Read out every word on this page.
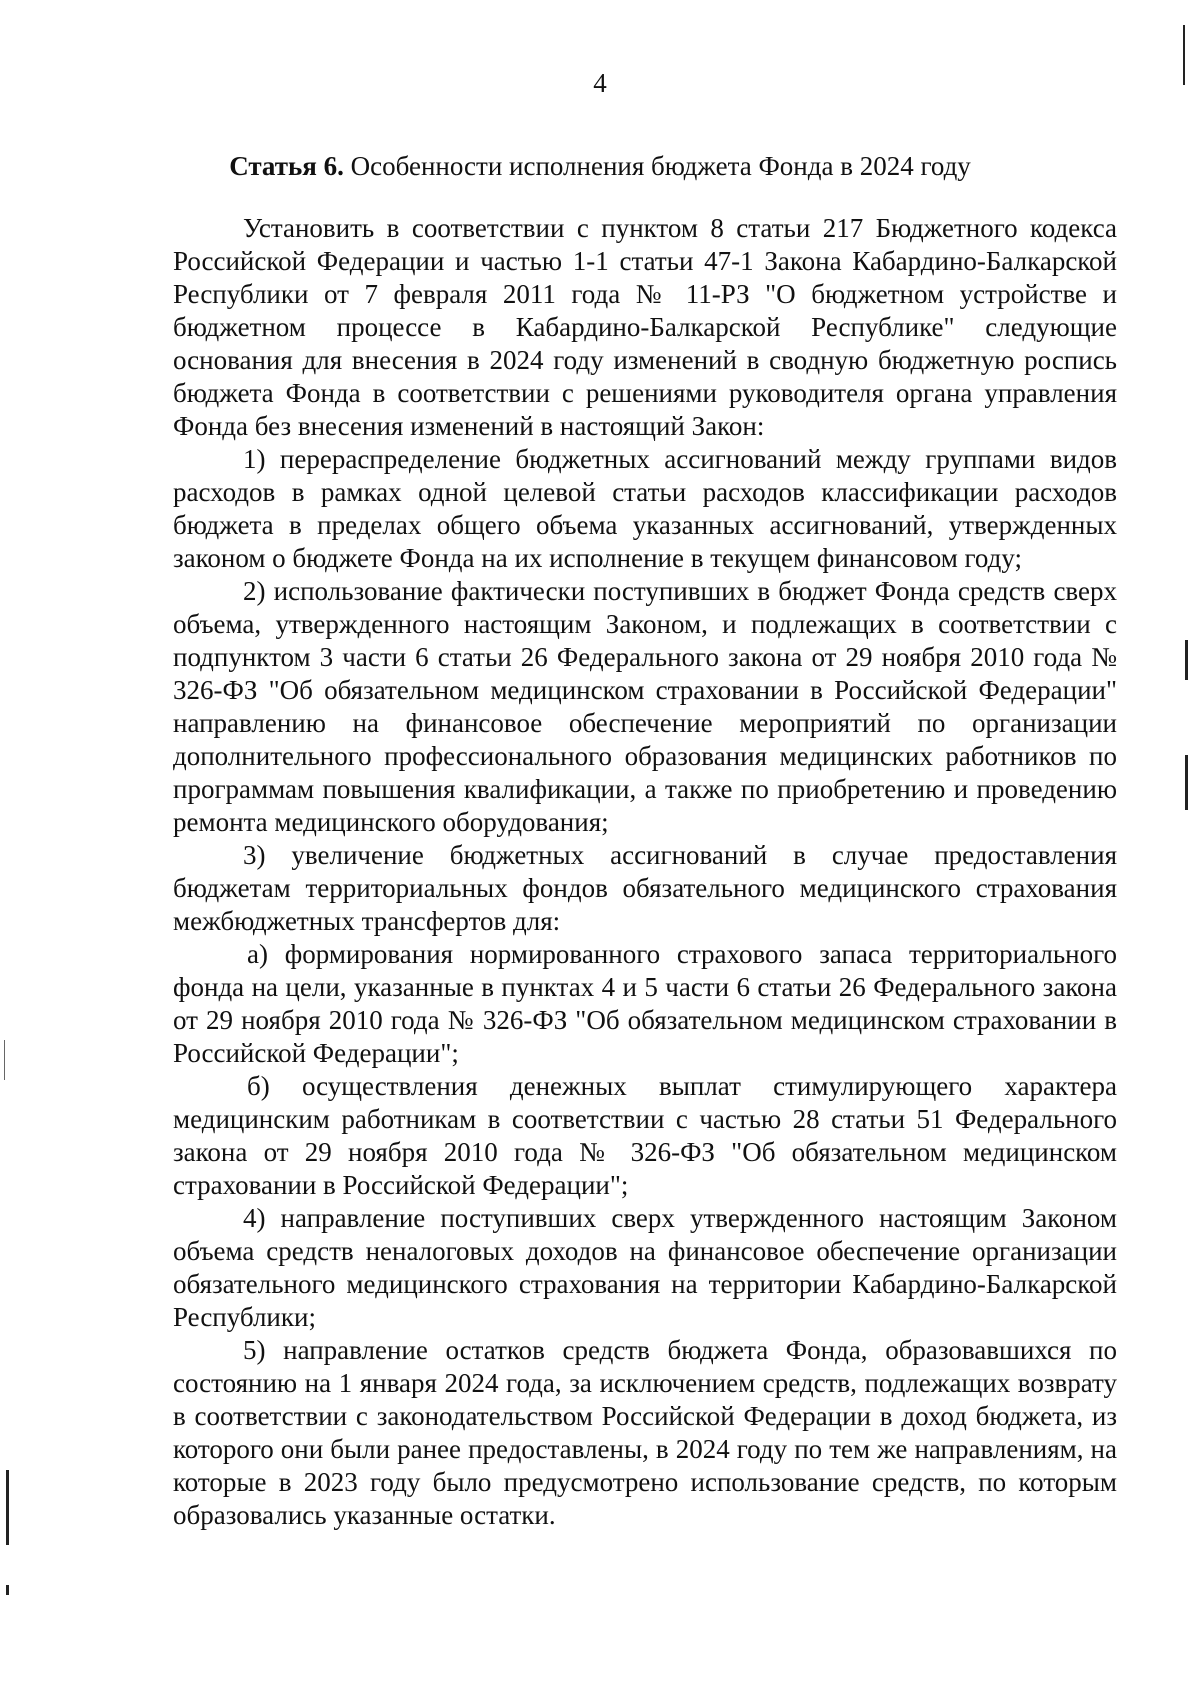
4
Статья 6. Особенности исполнения бюджета Фонда в 2024 году

Установить в соответствии с пунктом 8 статьи 217 Бюджетного кодекса Российской Федерации и частью 1-1 статьи 47-1 Закона Кабардино-Балкарской Республики от 7 февраля 2011 года № 11-РЗ "О бюджетном устройстве и бюджетном процессе в Кабардино-Балкарской Республике" следующие основания для внесения в 2024 году изменений в сводную бюджетную роспись бюджета Фонда в соответствии с решениями руководителя органа управления Фонда без внесения изменений в настоящий Закон:

1) перераспределение бюджетных ассигнований между группами видов расходов в рамках одной целевой статьи расходов классификации расходов бюджета в пределах общего объема указанных ассигнований, утвержденных законом о бюджете Фонда на их исполнение в текущем финансовом году;

2) использование фактически поступивших в бюджет Фонда средств сверх объема, утвержденного настоящим Законом, и подлежащих в соответствии с подпунктом 3 части 6 статьи 26 Федерального закона от 29 ноября 2010 года № 326-ФЗ "Об обязательном медицинском страховании в Российской Федерации" направлению на финансовое обеспечение мероприятий по организации дополнительного профессионального образования медицинских работников по программам повышения квалификации, а также по приобретению и проведению ремонта медицинского оборудования;

3) увеличение бюджетных ассигнований в случае предоставления бюджетам территориальных фондов обязательного медицинского страхования межбюджетных трансфертов для:

а) формирования нормированного страхового запаса территориального фонда на цели, указанные в пунктах 4 и 5 части 6 статьи 26 Федерального закона от 29 ноября 2010 года № 326-ФЗ "Об обязательном медицинском страховании в Российской Федерации";

б) осуществления денежных выплат стимулирующего характера медицинским работникам в соответствии с частью 28 статьи 51 Федерального закона от 29 ноября 2010 года № 326-ФЗ "Об обязательном медицинском страховании в Российской Федерации";

4) направление поступивших сверх утвержденного настоящим Законом объема средств неналоговых доходов на финансовое обеспечение организации обязательного медицинского страхования на территории Кабардино-Балкарской Республики;

5) направление остатков средств бюджета Фонда, образовавшихся по состоянию на 1 января 2024 года, за исключением средств, подлежащих возврату в соответствии с законодательством Российской Федерации в доход бюджета, из которого они были ранее предоставлены, в 2024 году по тем же направлениям, на которые в 2023 году было предусмотрено использование средств, по которым образовались указанные остатки.
